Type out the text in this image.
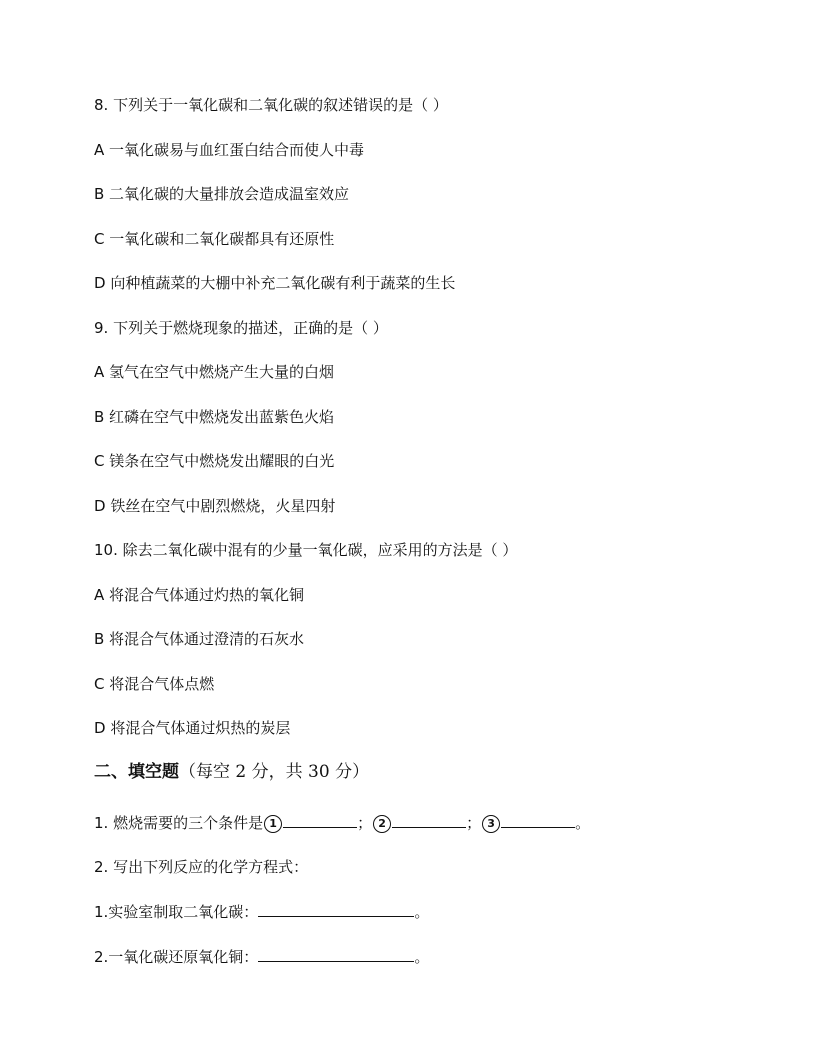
8. 下列关于一氧化碳和二氧化碳的叙述错误的是（ ）
A 一氧化碳易与血红蛋白结合而使人中毒
B 二氧化碳的大量排放会造成温室效应
C 一氧化碳和二氧化碳都具有还原性
D 向种植蔬菜的大棚中补充二氧化碳有利于蔬菜的生长
9. 下列关于燃烧现象的描述，正确的是（ ）
A 氢气在空气中燃烧产生大量的白烟
B 红磷在空气中燃烧发出蓝紫色火焰
C 镁条在空气中燃烧发出耀眼的白光
D 铁丝在空气中剧烈燃烧，火星四射
10. 除去二氧化碳中混有的少量一氧化碳，应采用的方法是（ ）
A 将混合气体通过灼热的氧化铜
B 将混合气体通过澄清的石灰水
C 将混合气体点燃
D 将混合气体通过炽热的炭层
二、填空题（每空 2 分，共 30 分）
1. 燃烧需要的三个条件是 1	； 2	； 3	。
2. 写出下列反应的化学方程式：
1.实验室制取二氧化碳：	。
2.一氧化碳还原氧化铜：	。
